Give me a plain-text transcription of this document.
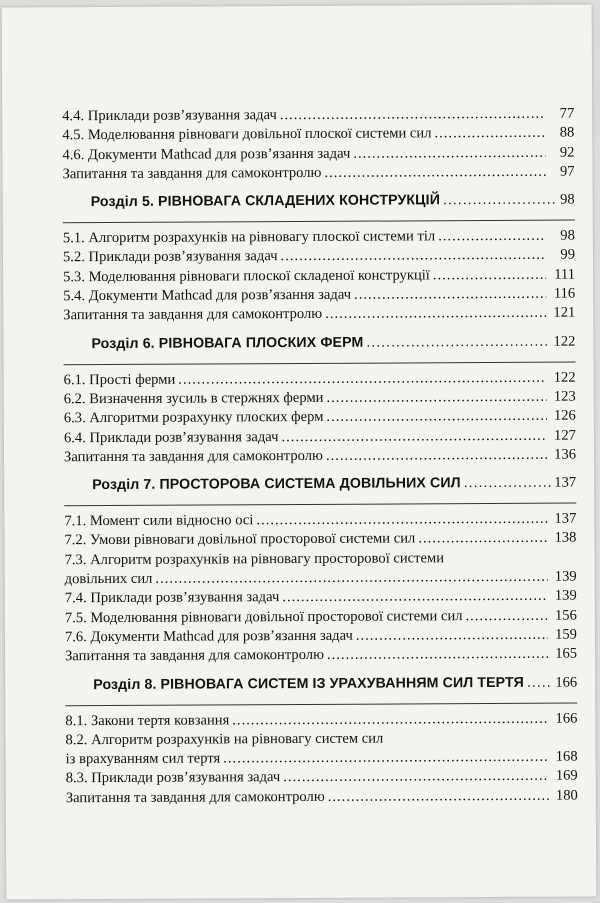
4.4. Приклади розв’язування задач .....	77
4.5. Моделювання рівноваги довільної плоскої системи сил .....	88
4.6. Документи Mathcad для розв’язання задач .....	92
Запитання та завдання для самоконтролю .....	97
Розділ 5. РІВНОВАГА СКЛАДЕНИХ КОНСТРУКЦІЙ .....	98
5.1. Алгоритм розрахунків на рівновагу плоскої системи тіл .....	98
5.2. Приклади розв’язування задач .....	99
5.3. Моделювання рівноваги плоскої складеної конструкції .....	111
5.4. Документи Mathcad для розв’язання задач .....	116
Запитання та завдання для самоконтролю .....	121
Розділ 6. РІВНОВАГА ПЛОСКИХ ФЕРМ .....	122
6.1. Прості ферми .....	122
6.2. Визначення зусиль в стержнях ферми .....	123
6.3. Алгоритми розрахунку плоских ферм .....	126
6.4. Приклади розв’язування задач .....	127
Запитання та завдання для самоконтролю .....	136
Розділ 7. ПРОСТОРОВА СИСТЕМА ДОВІЛЬНИХ СИЛ .....	137
7.1. Момент сили відносно осі .....	137
7.2. Умови рівноваги довільної просторової системи сил .....	138
7.3. Алгоритм розрахунків на рівновагу просторової системи
довільних сил .....	139
7.4. Приклади розв’язування задач .....	139
7.5. Моделювання рівноваги довільної просторової системи сил .....	156
7.6. Документи Mathcad для розв’язання задач .....	159
Запитання та завдання для самоконтролю .....	165
Розділ 8. РІВНОВАГА СИСТЕМ ІЗ УРАХУВАННЯМ СИЛ ТЕРТЯ ..... 166
8.1. Закони тертя ковзання .....	166
8.2. Алгоритм розрахунків на рівновагу систем сил
із врахуванням сил тертя .....	168
8.3. Приклади розв’язування задач .....	169
Запитання та завдання для самоконтролю .....	180
